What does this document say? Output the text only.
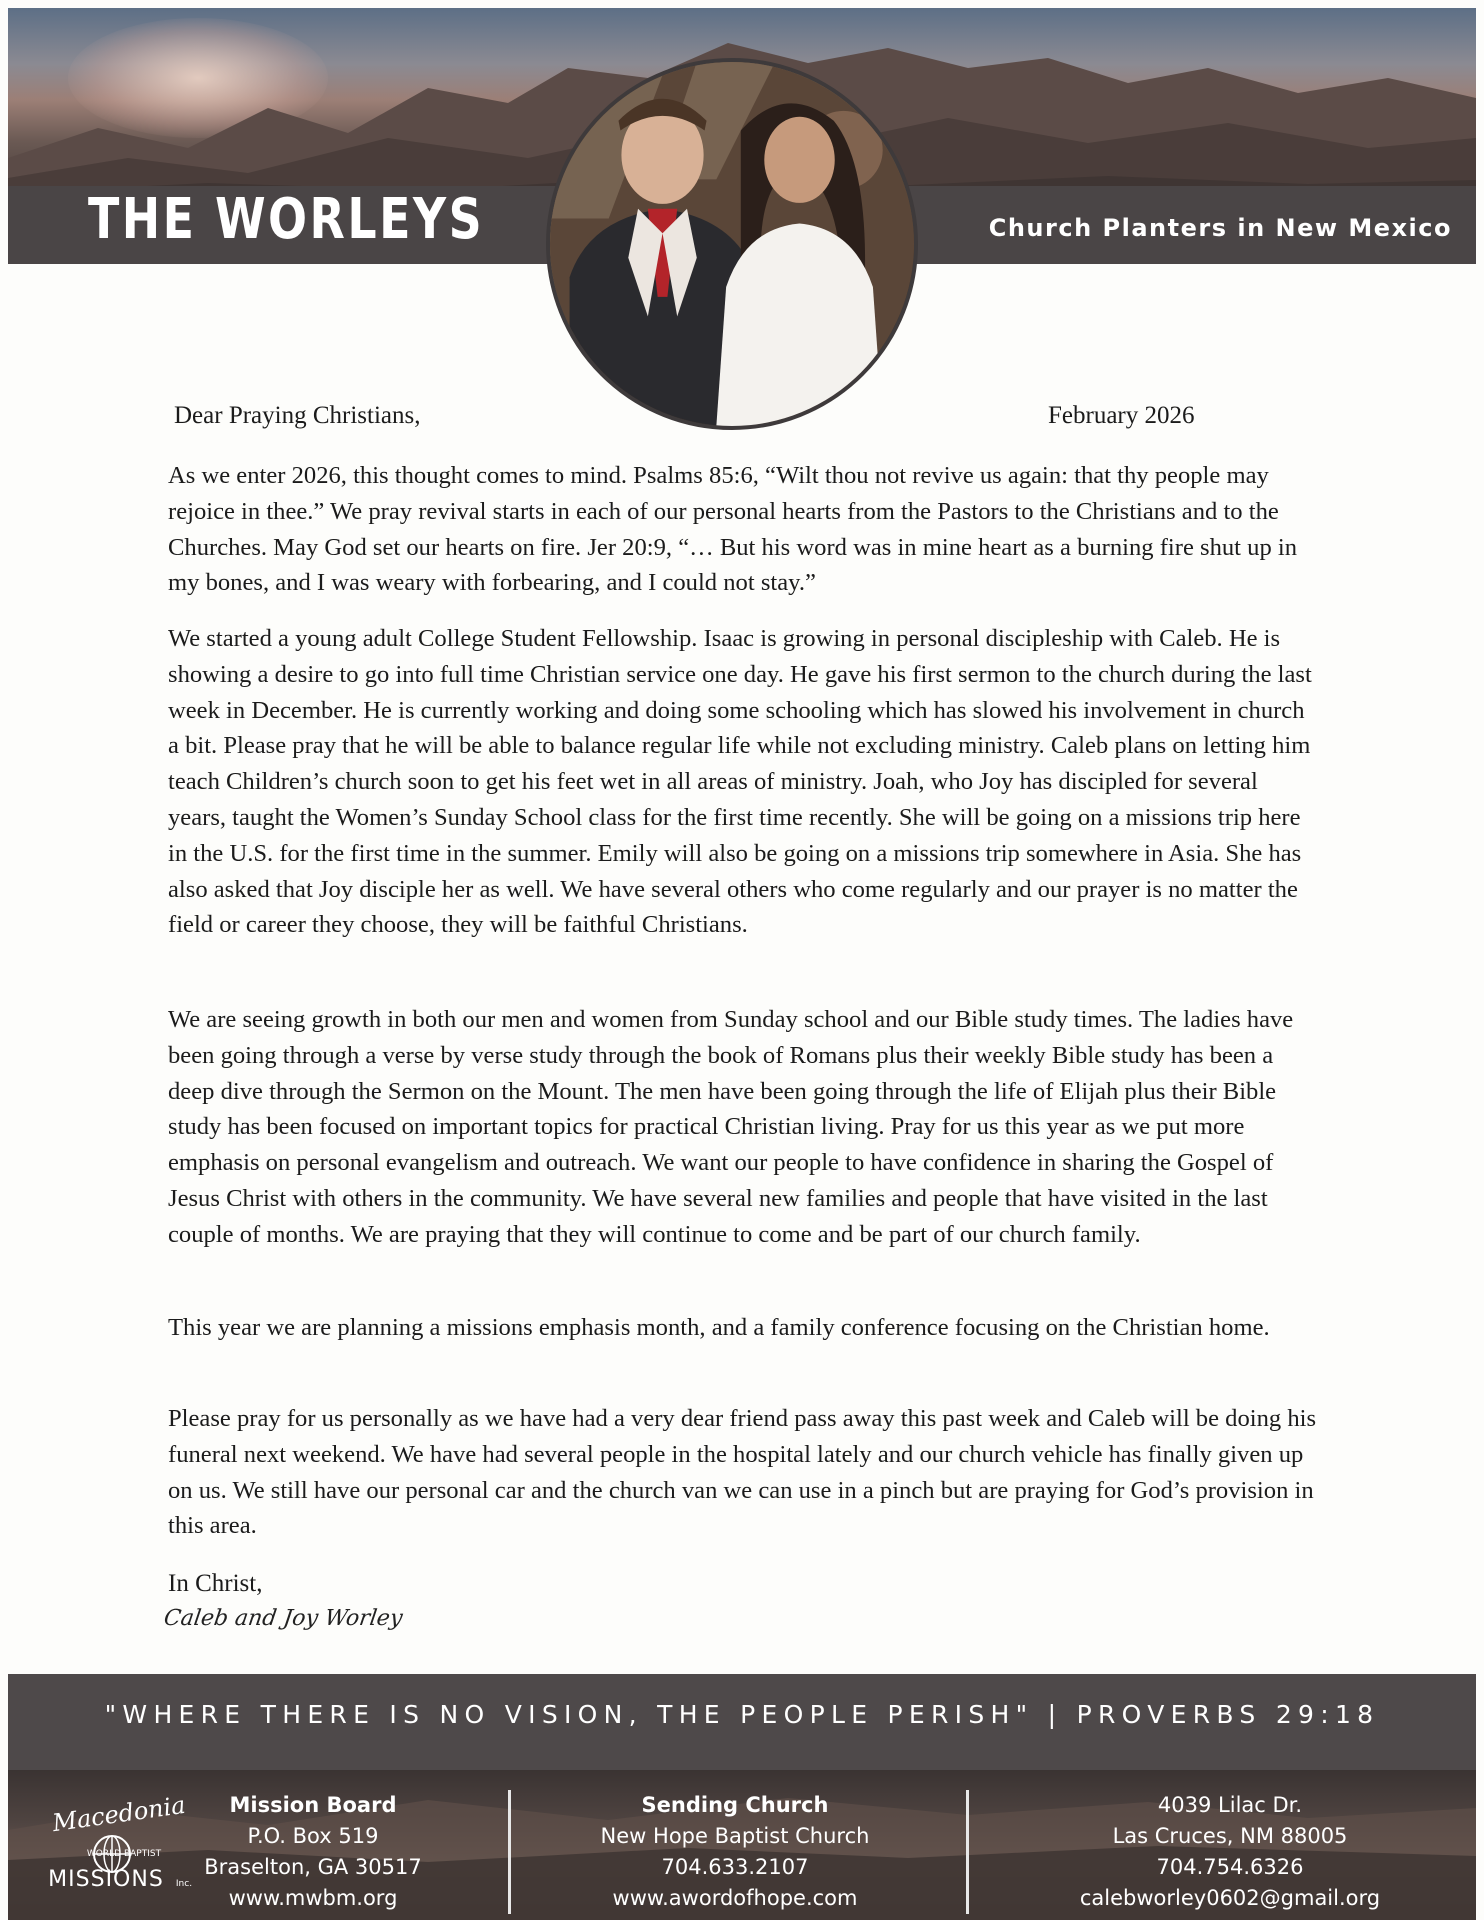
THE WORLEYS	Church Planters in New Mexico
Dear Praying Christians,	February 2026

As we enter 2026, this thought comes to mind. Psalms 85:6, “Wilt thou not revive us again: that thy people may rejoice in thee.” We pray revival starts in each of our personal hearts from the Pastors to the Christians and to the Churches. May God set our hearts on fire. Jer 20:9, “… But his word was in mine heart as a burning fire shut up in my bones, and I was weary with forbearing, and I could not stay.”

We started a young adult College Student Fellowship. Isaac is growing in personal discipleship with Caleb. He is showing a desire to go into full time Christian service one day. He gave his first sermon to the church during the last week in December. He is currently working and doing some schooling which has slowed his involvement in church a bit. Please pray that he will be able to balance regular life while not excluding ministry. Caleb plans on letting him teach Children’s church soon to get his feet wet in all areas of ministry. Joah, who Joy has discipled for several years, taught the Women’s Sunday School class for the first time recently. She will be going on a missions trip here in the U.S. for the first time in the summer. Emily will also be going on a missions trip somewhere in Asia. She has also asked that Joy disciple her as well. We have several others who come regularly and our prayer is no matter the field or career they choose, they will be faithful Christians.

We are seeing growth in both our men and women from Sunday school and our Bible study times. The ladies have been going through a verse by verse study through the book of Romans plus their weekly Bible study has been a deep dive through the Sermon on the Mount. The men have been going through the life of Elijah plus their Bible study has been focused on important topics for practical Christian living. Pray for us this year as we put more emphasis on personal evangelism and outreach. We want our people to have confidence in sharing the Gospel of Jesus Christ with others in the community. We have several new families and people that have visited in the last couple of months. We are praying that they will continue to come and be part of our church family.

This year we are planning a missions emphasis month, and a family conference focusing on the Christian home.

Please pray for us personally as we have had a very dear friend pass away this past week and Caleb will be doing his funeral next weekend. We have had several people in the hospital lately and our church vehicle has finally given up on us. We still have our personal car and the church van we can use in a pinch but are praying for God’s provision in this area.

In Christ,
Caleb and Joy Worley
"WHERE THERE IS NO VISION, THE PEOPLE PERISH" | PROVERBS 29:18
Macedonia
WORLD BAPTIST
MISSIONS Inc.
Mission Board
P.O. Box 519
Braselton, GA 30517
www.mwbm.org
Sending Church
New Hope Baptist Church
704.633.2107
www.awordofhope.com
4039 Lilac Dr.
Las Cruces, NM 88005
704.754.6326
calebworley0602@gmail.org
